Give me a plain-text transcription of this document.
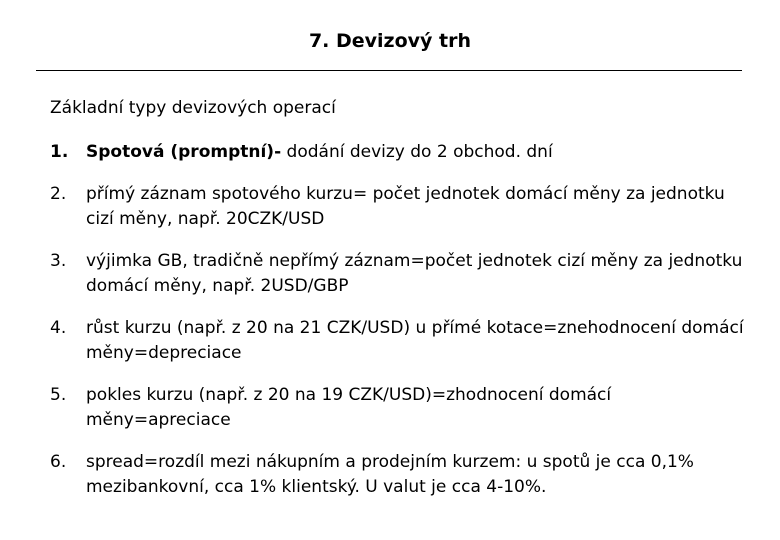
7. Devizový trh
Základní typy devizových operací
1.	Spotová (promptní)- dodání devizy do 2 obchod. dní
2.	přímý záznam spotového kurzu= počet jednotek domácí měny za jednotku cizí měny, např. 20CZK/USD
3.	výjimka GB, tradičně nepřímý záznam=počet jednotek cizí měny za jednotku domácí měny, např. 2USD/GBP
4.	růst kurzu (např. z 20 na 21 CZK/USD) u přímé kotace=znehodnocení domácí měny=depreciace
5.	pokles kurzu (např. z 20 na 19 CZK/USD)=zhodnocení domácí měny=apreciace
6.	spread=rozdíl mezi nákupním a prodejním kurzem: u spotů je cca 0,1% mezibankovní, cca 1% klientský. U valut je cca 4-10%.
